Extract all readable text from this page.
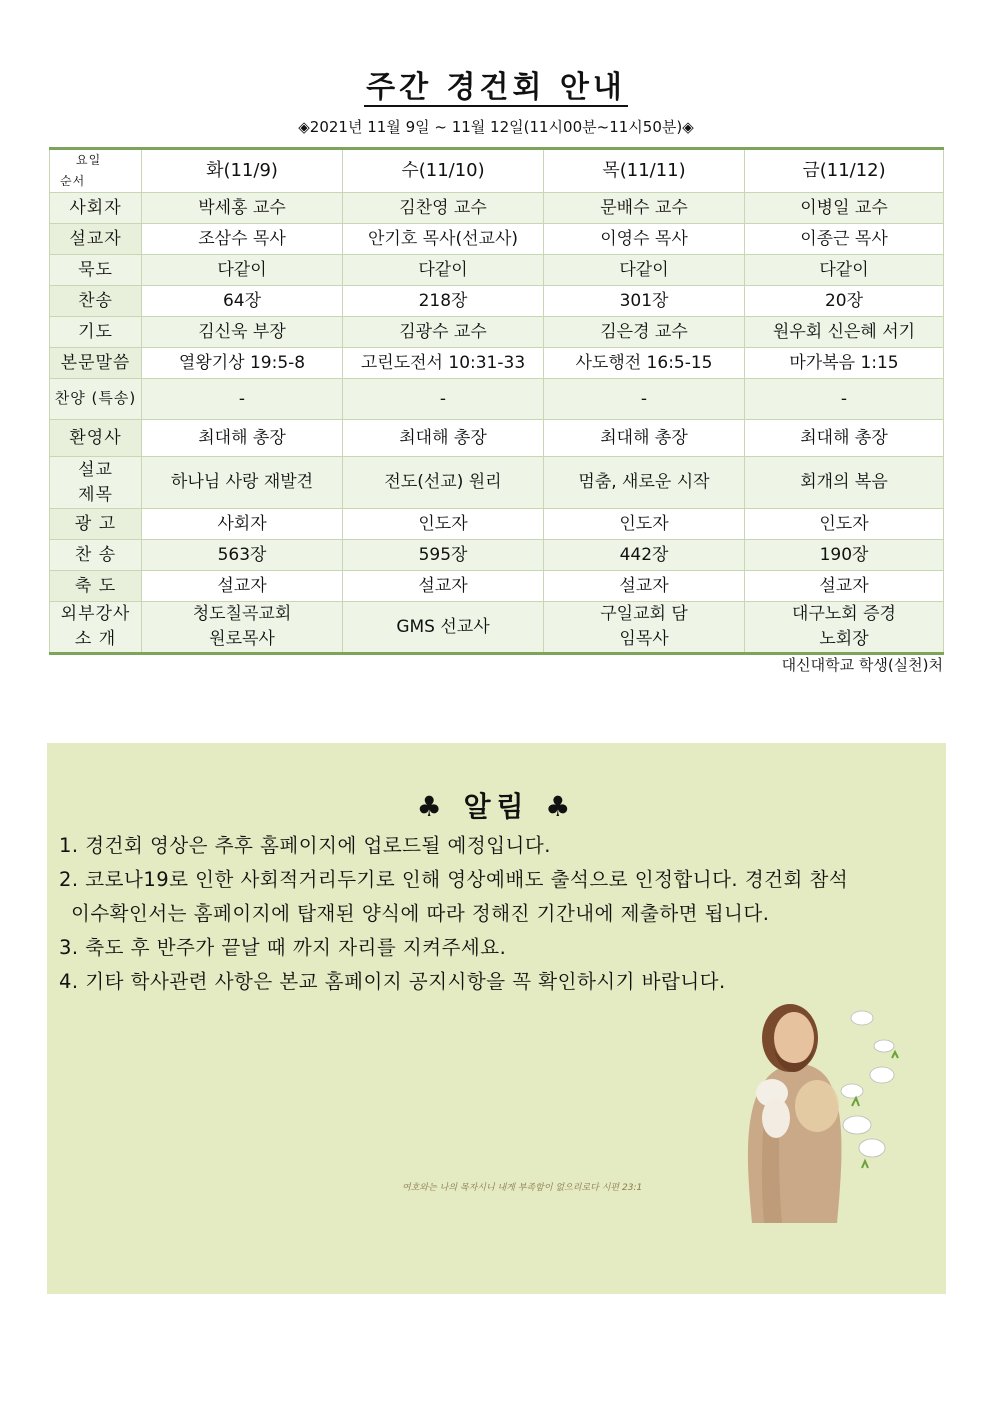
주간 경건회 안내
◈2021년 11월 9일 ~ 11월 12일(11시00분~11시50분)◈
요일
순서	화(11/9)	수(11/10)	목(11/11)	금(11/12)
사회자	박세홍 교수	김찬영 교수	문배수 교수	이병일 교수
설교자	조삼수 목사	안기호 목사(선교사)	이영수 목사	이종근 목사
묵도	다같이	다같이	다같이	다같이
찬송	64장	218장	301장	20장
기도	김신욱 부장	김광수 교수	김은경 교수	원우회 신은혜 서기
본문말씀	열왕기상 19:5-8	고린도전서 10:31-33	사도행전 16:5-15	마가복음 1:15
찬양 (특송)	-	-	-	-
환영사	최대해 총장	최대해 총장	최대해 총장	최대해 총장
설교 제목	하나님 사랑 재발견	전도(선교) 원리	멈춤, 새로운 시작	회개의 복음
광 고	사회자	인도자	인도자	인도자
찬 송	563장	595장	442장	190장
축 도	설교자	설교자	설교자	설교자
외부강사 소 개	청도칠곡교회 원로목사	GMS 선교사	구일교회 담임목사	대구노회 증경 노회장
대신대학교 학생(실천)처
♣ 알림 ♣

1. 경건회 영상은 추후 홈페이지에 업로드될 예정입니다.

2. 코로나19로 인한 사회적거리두기로 인해 영상예배도 출석으로 인정합니다. 경건회 참석

이수확인서는 홈페이지에 탑재된 양식에 따라 정해진 기간내에 제출하면 됩니다.

3. 축도 후 반주가 끝날 때 까지 자리를 지켜주세요.

4. 기타 학사관련 사항은 본교 홈페이지 공지시항을 꼭 확인하시기 바랍니다.

여호와는 나의 목자시니 내게 부족함이 없으리로다 시편 23:1
